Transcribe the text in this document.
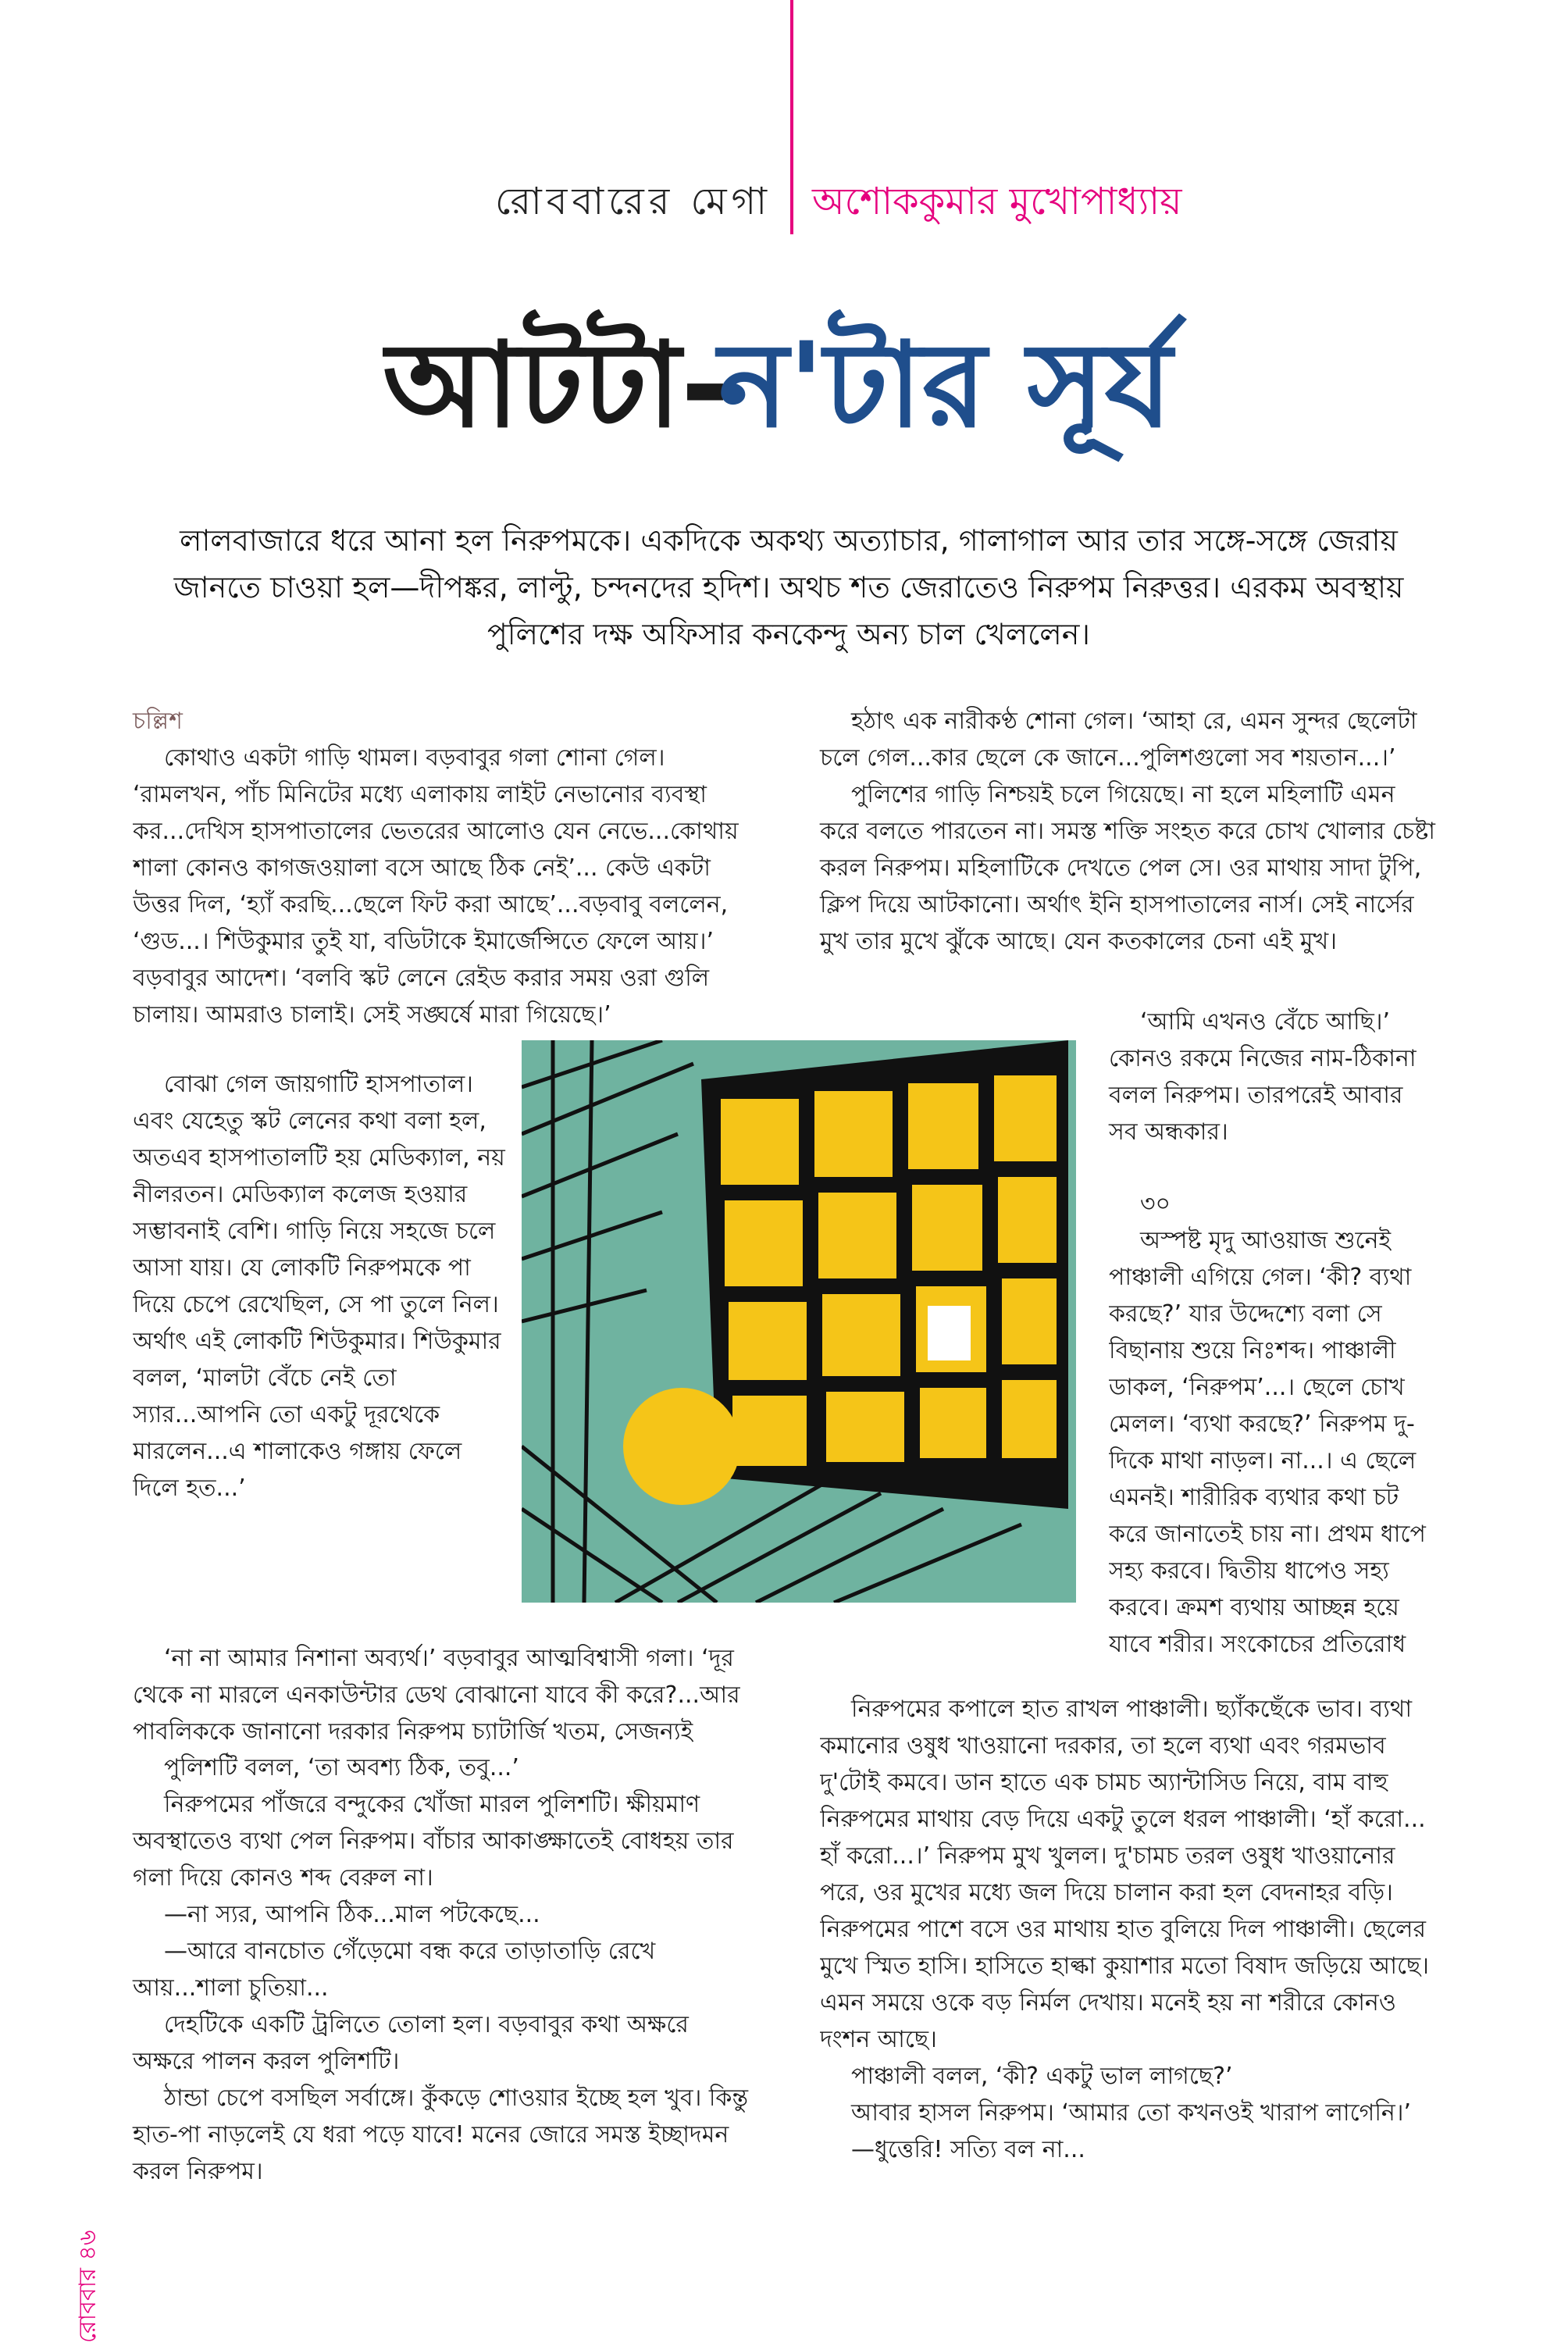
রোববারের মেগা অশোককুমার মুখোপাধ্যায়
আটটা-
ন'টার সূর্য
লালবাজারে ধরে আনা হল নিরুপমকে। একদিকে অকথ্য অত্যাচার, গালাগাল আর তার সঙ্গে-সঙ্গে জেরায় জানতে চাওয়া হল—দীপঙ্কর, লাল্টু, চন্দনদের হদিশ। অথচ শত জেরাতেও নিরুপম নিরুত্তর। এরকম অবস্থায় পুলিশের দক্ষ অফিসার কনকেন্দু অন্য চাল খেললেন।

চল্লিশ

কোথাও একটা গাড়ি থামল। বড়বাবুর গলা শোনা গেল। ‘রামলখন, পাঁচ মিনিটের মধ্যে এলাকায় লাইট নেভানোর ব্যবস্থা কর...দেখিস হাসপাতালের ভেতরের আলোও যেন নেভে...কোথায় শালা কোনও কাগজওয়ালা বসে আছে ঠিক নেই’... কেউ একটা উত্তর দিল, ‘হ্যাঁ করছি...ছেলে ফিট করা আছে’...বড়বাবু বললেন, ‘গুড...। শিউকুমার তুই যা, বডিটাকে ইমার্জেন্সিতে ফেলে আয়।’ বড়বাবুর আদেশ। ‘বলবি স্কট লেনে রেইড করার সময় ওরা গুলি চালায়। আমরাও চালাই। সেই সঙ্ঘর্ষে মারা গিয়েছে।’

বোঝা গেল জায়গাটি হাসপাতাল। এবং যেহেতু স্কট লেনের কথা বলা হল, অতএব হাসপাতালটি হয় মেডিক্যাল, নয় নীলরতন। মেডিক্যাল কলেজ হওয়ার সম্ভাবনাই বেশি। গাড়ি নিয়ে সহজে চলে আসা যায়। যে লোকটি নিরুপমকে পা দিয়ে চেপে রেখেছিল, সে পা তুলে নিল। অর্থাৎ এই লোকটি শিউকুমার। শিউকুমার বলল, ‘মালটা বেঁচে নেই তো স্যার...আপনি তো একটু দূরথেকে মারলেন...এ শালাকেও গঙ্গায় ফেলে দিলে হত...’

‘না না আমার নিশানা অব্যর্থ।’ বড়বাবুর আত্মবিশ্বাসী গলা। ‘দূর থেকে না মারলে এনকাউন্টার ডেথ বোঝানো যাবে কী করে?...আর পাবলিককে জানানো দরকার নিরুপম চ্যাটার্জি খতম, সেজন্যই

পুলিশটি বলল, ‘তা অবশ্য ঠিক, তবু...’

নিরুপমের পাঁজরে বন্দুকের খোঁজা মারল পুলিশটি। ক্ষীয়মাণ অবস্থাতেও ব্যথা পেল নিরুপম। বাঁচার আকাঙ্ক্ষাতেই বোধহয় তার গলা দিয়ে কোনও শব্দ বেরুল না।

—না স্যর, আপনি ঠিক...মাল পটকেছে...

—আরে বানচোত গেঁড়েমো বন্ধ করে তাড়াতাড়ি রেখে আয়...শালা চুতিয়া...

দেহটিকে একটি ট্রলিতে তোলা হল। বড়বাবুর কথা অক্ষরে অক্ষরে পালন করল পুলিশটি।

ঠান্ডা চেপে বসছিল সর্বাঙ্গে। কুঁকড়ে শোওয়ার ইচ্ছে হল খুব। কিন্তু হাত-পা নাড়লেই যে ধরা পড়ে যাবে! মনের জোরে সমস্ত ইচ্ছাদমন করল নিরুপম।

হঠাৎ এক নারীকণ্ঠ শোনা গেল। ‘আহা রে, এমন সুন্দর ছেলেটা চলে গেল...কার ছেলে কে জানে...পুলিশগুলো সব শয়তান...।’

পুলিশের গাড়ি নিশ্চয়ই চলে গিয়েছে। না হলে মহিলাটি এমন করে বলতে পারতেন না। সমস্ত শক্তি সংহত করে চোখ খোলার চেষ্টা করল নিরুপম। মহিলাটিকে দেখতে পেল সে। ওর মাথায় সাদা টুপি, ক্লিপ দিয়ে আটকানো। অর্থাৎ ইনি হাসপাতালের নার্স। সেই নার্সের মুখ তার মুখে ঝুঁকে আছে। যেন কতকালের চেনা এই মুখ।

‘আমি এখনও বেঁচে আছি।’ কোনও রকমে নিজের নাম-ঠিকানা বলল নিরুপম। তারপরেই আবার সব অন্ধকার।

৩০

অস্পষ্ট মৃদু আওয়াজ শুনেই পাঞ্চালী এগিয়ে গেল। ‘কী? ব্যথা করছে?’ যার উদ্দেশ্যে বলা সে বিছানায় শুয়ে নিঃশব্দ। পাঞ্চালী ডাকল, ‘নিরুপম’...। ছেলে চোখ মেলল। ‘ব্যথা করছে?’ নিরুপম দু-দিকে মাথা নাড়ল। না...। এ ছেলে এমনই। শারীরিক ব্যথার কথা চট করে জানাতেই চায় না। প্রথম ধাপে সহ্য করবে। দ্বিতীয় ধাপেও সহ্য করবে। ক্রমশ ব্যথায় আচ্ছন্ন হয়ে যাবে শরীর। সংকোচের প্রতিরোধ

নিরুপমের কপালে হাত রাখল পাঞ্চালী। ছ্যাঁকছেঁকে ভাব। ব্যথা কমানোর ওষুধ খাওয়ানো দরকার, তা হলে ব্যথা এবং গরমভাব দু'টোই কমবে। ডান হাতে এক চামচ অ্যান্টাসিড নিয়ে, বাম বাহু নিরুপমের মাথায় বেড় দিয়ে একটু তুলে ধরল পাঞ্চালী। ‘হাঁ করো... হাঁ করো...।’ নিরুপম মুখ খুলল। দু'চামচ তরল ওষুধ খাওয়ানোর পরে, ওর মুখের মধ্যে জল দিয়ে চালান করা হল বেদনাহর বড়ি। নিরুপমের পাশে বসে ওর মাথায় হাত বুলিয়ে দিল পাঞ্চালী। ছেলের মুখে স্মিত হাসি। হাসিতে হাল্কা কুয়াশার মতো বিষাদ জড়িয়ে আছে। এমন সময়ে ওকে বড় নির্মল দেখায়। মনেই হয় না শরীরে কোনও দংশন আছে।

পাঞ্চালী বলল, ‘কী? একটু ভাল লাগছে?’

আবার হাসল নিরুপম। ‘আমার তো কখনওই খারাপ লাগেনি।’

—ধুত্তেরি! সত্যি বল না...

রোববার ৪৬
